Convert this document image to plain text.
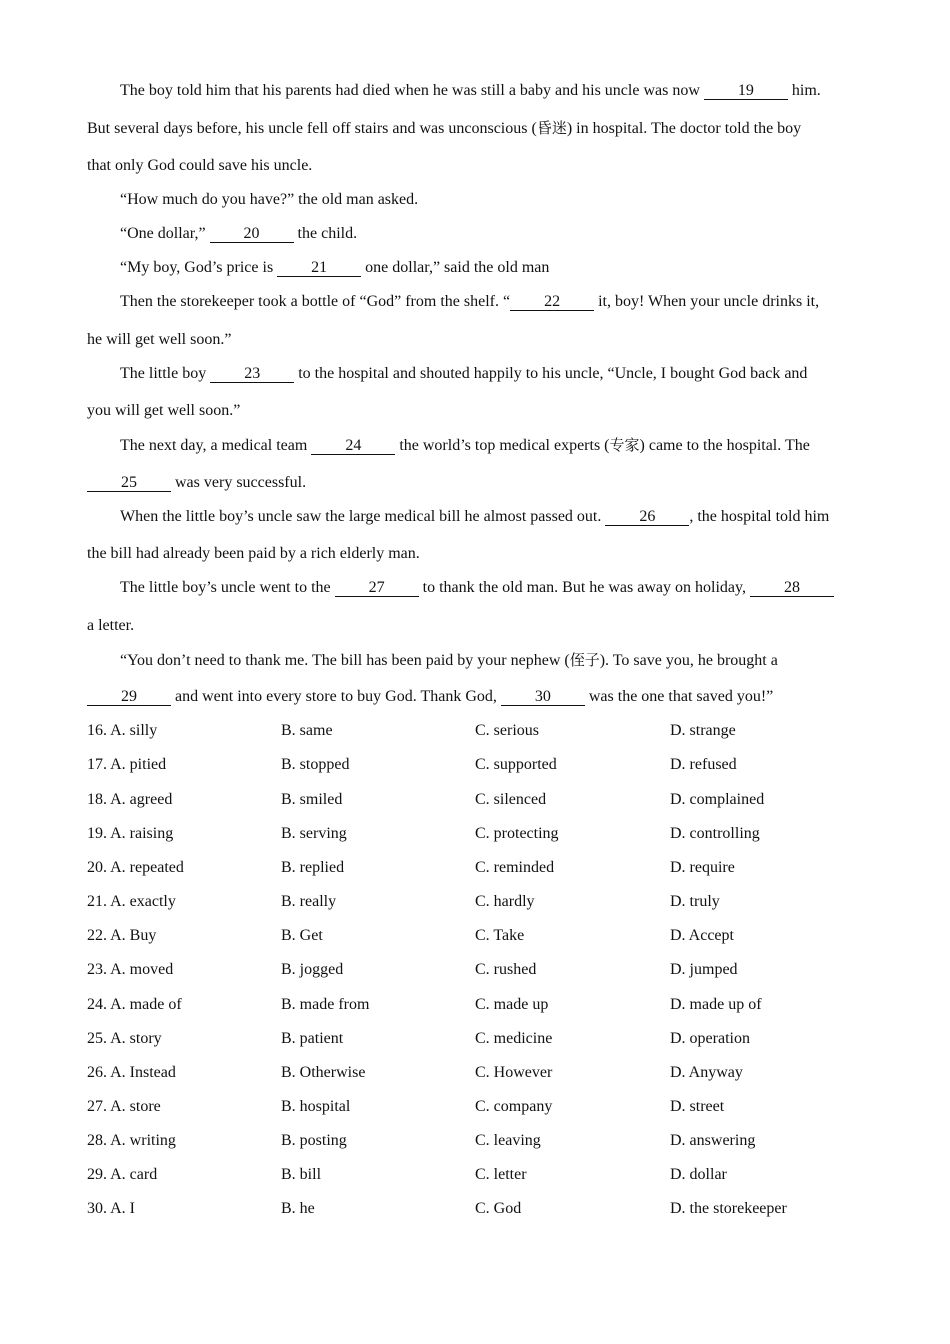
The boy told him that his parents had died when he was still a baby and his uncle was now 19 him.
But several days before, his uncle fell off stairs and was unconscious (昏迷) in hospital. The doctor told the boy
that only God could save his uncle.
“How much do you have?” the old man asked.
“One dollar,” 20 the child.
“My boy, God’s price is 21 one dollar,” said the old man
Then the storekeeper took a bottle of “God” from the shelf. “ 22 it, boy! When your uncle drinks it,
he will get well soon.”
The little boy 23 to the hospital and shouted happily to his uncle, “Uncle, I bought God back and
you will get well soon.”
The next day, a medical team 24 the world’s top medical experts (专家) came to the hospital. The
25 was very successful.
When the little boy’s uncle saw the large medical bill he almost passed out. 26 , the hospital told him
the bill had already been paid by a rich elderly man.
The little boy’s uncle went to the 27 to thank the old man. But he was away on holiday, 28
a letter.
“You don’t need to thank me. The bill has been paid by your nephew (侄子). To save you, he brought a
29 and went into every store to buy God. Thank God, 30 was the one that saved you!”
16. A. silly	B. same	C. serious	D. strange
17. A. pitied	B. stopped	C. supported	D. refused
18. A. agreed	B. smiled	C. silenced	D. complained
19. A. raising	B. serving	C. protecting	D. controlling
20. A. repeated	B. replied	C. reminded	D. require
21. A. exactly	B. really	C. hardly	D. truly
22. A. Buy	B. Get	C. Take	D. Accept
23. A. moved	B. jogged	C. rushed	D. jumped
24. A. made of	B. made from	C. made up	D. made up of
25. A. story	B. patient	C. medicine	D. operation
26. A. Instead	B. Otherwise	C. However	D. Anyway
27. A. store	B. hospital	C. company	D. street
28. A. writing	B. posting	C. leaving	D. answering
29. A. card	B. bill	C. letter	D. dollar
30. A. I	B. he	C. God	D. the storekeeper
